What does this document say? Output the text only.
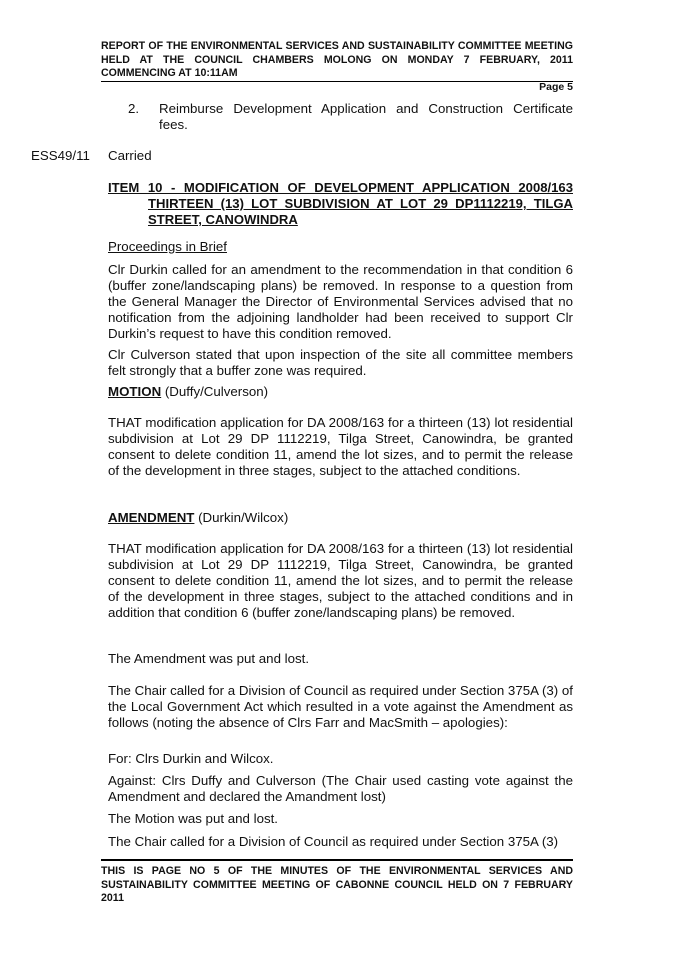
REPORT OF THE ENVIRONMENTAL SERVICES AND SUSTAINABILITY COMMITTEE MEETING HELD AT THE COUNCIL CHAMBERS MOLONG ON MONDAY 7 FEBRUARY, 2011 COMMENCING AT 10:11AM
Page 5
2. Reimburse Development Application and Construction Certificate fees.
ESS49/11 Carried
ITEM 10 - MODIFICATION OF DEVELOPMENT APPLICATION 2008/163
THIRTEEN (13) LOT SUBDIVISION AT LOT 29 DP1112219, TILGA
STREET, CANOWINDRA
Proceedings in Brief
Clr Durkin called for an amendment to the recommendation in that condition 6 (buffer zone/landscaping plans) be removed. In response to a question from the General Manager the Director of Environmental Services advised that no notification from the adjoining landholder had been received to support Clr Durkin’s request to have this condition removed.
Clr Culverson stated that upon inspection of the site all committee members felt strongly that a buffer zone was required.
MOTION (Duffy/Culverson)
THAT modification application for DA 2008/163 for a thirteen (13) lot residential subdivision at Lot 29 DP 1112219, Tilga Street, Canowindra, be granted consent to delete condition 11, amend the lot sizes, and to permit the release of the development in three stages, subject to the attached conditions.
AMENDMENT (Durkin/Wilcox)
THAT modification application for DA 2008/163 for a thirteen (13) lot residential subdivision at Lot 29 DP 1112219, Tilga Street, Canowindra, be granted consent to delete condition 11, amend the lot sizes, and to permit the release of the development in three stages, subject to the attached conditions and in addition that condition 6 (buffer zone/landscaping plans) be removed.
The Amendment was put and lost.
The Chair called for a Division of Council as required under Section 375A (3) of the Local Government Act which resulted in a vote against the Amendment as follows (noting the absence of Clrs Farr and MacSmith – apologies):
For: Clrs Durkin and Wilcox.
Against: Clrs Duffy and Culverson (The Chair used casting vote against the Amendment and declared the Amandment lost)
The Motion was put and lost.
The Chair called for a Division of Council as required under Section 375A (3)
THIS IS PAGE NO 5 OF THE MINUTES OF THE ENVIRONMENTAL SERVICES AND SUSTAINABILITY COMMITTEE MEETING OF CABONNE COUNCIL HELD ON 7 FEBRUARY 2011
